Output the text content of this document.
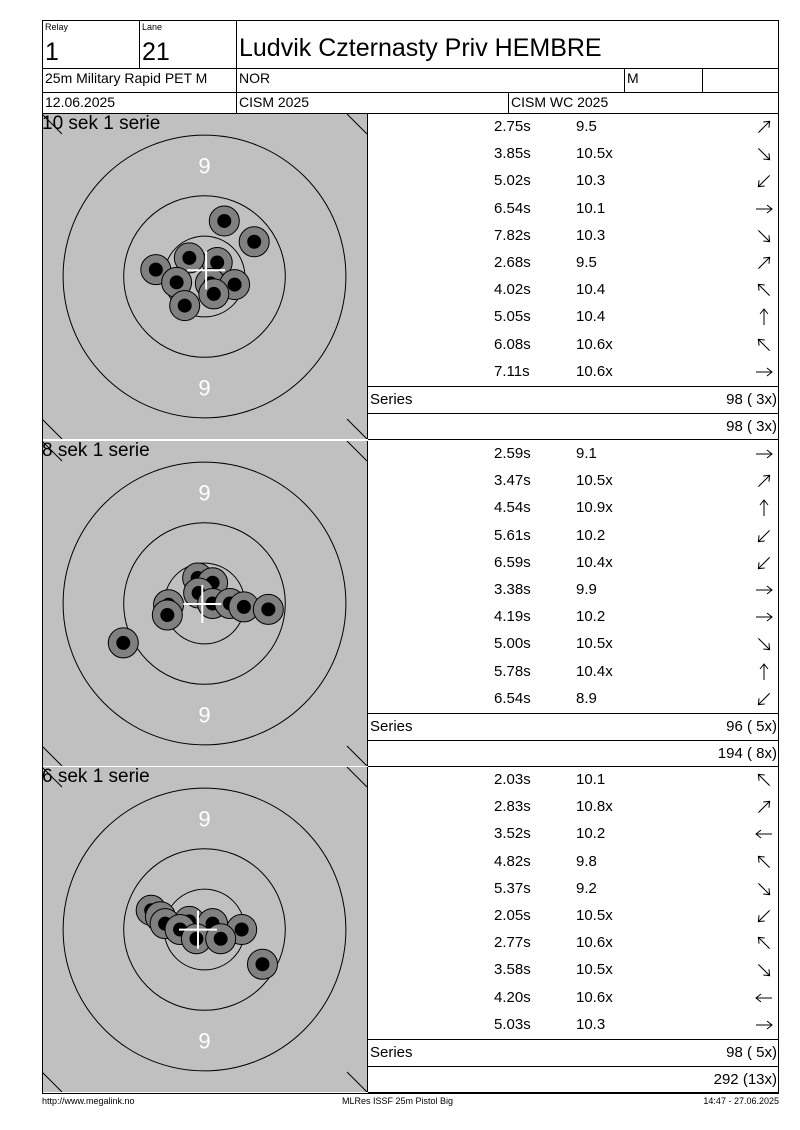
Relay
1
Lane
21	Ludvik Czternasty Priv HEMBRE
25m Military Rapid PET M NOR	M
12.06.2025	CISM 2025	CISM WC 2025
9
9
10 sek 1 serie	2.75s	9.5
3.85s	10.5x
5.02s	10.3
6.54s	10.1
7.82s	10.3
2.68s	9.5
4.02s	10.4
5.05s	10.4
6.08s	10.6x
7.11s	10.6x
Series	98 ( 3x)
98 ( 3x)
9
9
8 sek 1 serie	2.59s	9.1
3.47s	10.5x
4.54s	10.9x
5.61s	10.2
6.59s	10.4x
3.38s	9.9
4.19s	10.2
5.00s	10.5x
5.78s	10.4x
6.54s	8.9
Series	96 ( 5x)
194 ( 8x)
9
9
6 sek 1 serie	2.03s	10.1
2.83s	10.8x
3.52s	10.2
4.82s	9.8
5.37s	9.2
2.05s	10.5x
2.77s	10.6x
3.58s	10.5x
4.20s	10.6x
5.03s	10.3
Series	98 ( 5x)
292 (13x)
http://www.megalink.no	MLRes ISSF 25m Pistol Big	14:47 - 27.06.2025
